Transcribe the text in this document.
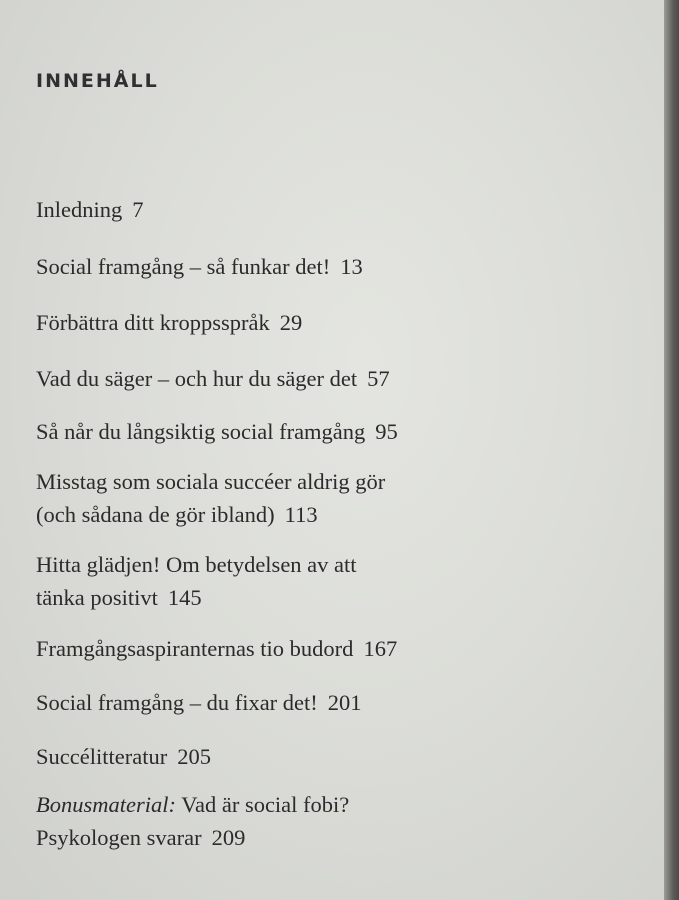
INNEHÅLL
Inledning 7
Social framgång – så funkar det! 13
Förbättra ditt kroppsspråk 29
Vad du säger – och hur du säger det 57
Så når du långsiktig social framgång 95
Misstag som sociala succéer aldrig gör
(och sådana de gör ibland) 113
Hitta glädjen! Om betydelsen av att
tänka positivt 145
Framgångsaspiranternas tio budord 167
Social framgång – du fixar det! 201
Succélitteratur 205
Bonusmaterial: Vad är social fobi?
Psykologen svarar 209
